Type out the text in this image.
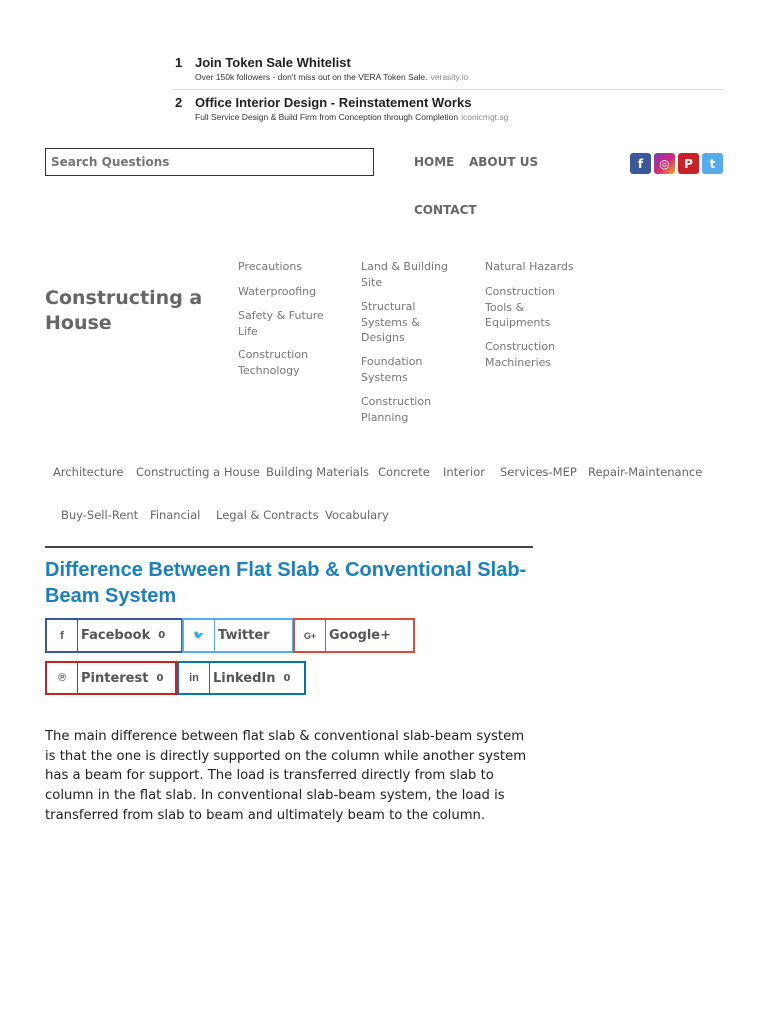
1 Join Token Sale Whitelist
Over 150k followers - don't miss out on the VERA Token Sale. verasity.io
2 Office Interior Design - Reinstatement Works
Full Service Design & Build Firm from Conception through Completion iconicmgt.sg
Search Questions
HOME ABOUT US
CONTACT
f	◎	P	t
Constructing a House
Precautions
Waterproofing
Safety & Future Life
Construction Technology
Land & Building Site
Structural Systems & Designs
Foundation Systems
Construction Planning
Natural Hazards
Construction Tools & Equipments
Construction Machineries
Architecture Constructing a House Building Materials Concrete Interior Services-MEP Repair-Maintenance
Buy-Sell-Rent Financial Legal & Contracts Vocabulary
Difference Between Flat Slab & Conventional Slab-Beam System
f	Facebook 0	🐦	Twitter	G+ Google+
℗	Pinterest 0	in	LinkedIn 0

The main difference between flat slab & conventional slab-beam system is that the one is directly supported on the column while another system has a beam for support. The load is transferred directly from slab to column in the flat slab. In conventional slab-beam system, the load is transferred from slab to beam and ultimately beam to the column.
